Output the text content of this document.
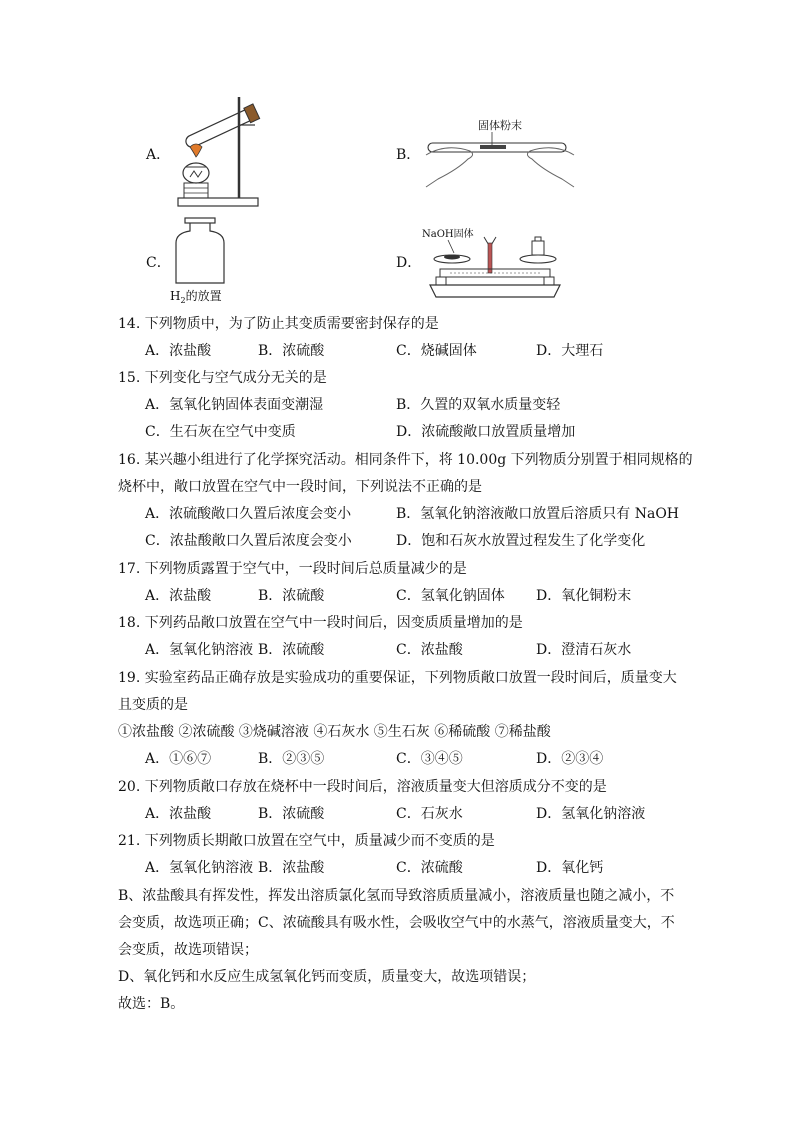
A．	B．
固体粉末
C．
$H_2$的放置
D．
NaOH固体
14. 下列物质中，为了防止其变质需要密封保存的是
A．浓盐酸	B．浓硫酸	C．烧碱固体	D．大理石
15. 下列变化与空气成分无关的是
A．氢氧化钠固体表面变潮湿	B．久置的双氧水质量变轻
C．生石灰在空气中变质	D．浓硫酸敞口放置质量增加
16. 某兴趣小组进行了化学探究活动。相同条件下，将 10.00g 下列物质分别置于相同规格的
烧杯中，敞口放置在空气中一段时间，下列说法不正确的是
A．浓硫酸敞口久置后浓度会变小	B．氢氧化钠溶液敞口放置后溶质只有 NaOH
C．浓盐酸敞口久置后浓度会变小	D．饱和石灰水放置过程发生了化学变化
17. 下列物质露置于空气中，一段时间后总质量减少的是
A．浓盐酸	B．浓硫酸	C．氢氧化钠固体 D．氧化铜粉末
18. 下列药品敞口放置在空气中一段时间后，因变质质量增加的是
A．氢氧化钠溶液 B．浓硫酸	C．浓盐酸	D．澄清石灰水
19. 实验室药品正确存放是实验成功的重要保证，下列物质敞口放置一段时间后，质量变大
且变质的是
①浓盐酸 ②浓硫酸 ③烧碱溶液 ④石灰水 ⑤生石灰 ⑥稀硫酸 ⑦稀盐酸
A．①⑥⑦	B．②③⑤	C．③④⑤	D．②③④
20. 下列物质敞口存放在烧杯中一段时间后，溶液质量变大但溶质成分不变的是
A．浓盐酸	B．浓硫酸	C．石灰水	D．氢氧化钠溶液
21. 下列物质长期敞口放置在空气中，质量减少而不变质的是
A．氢氧化钠溶液 B．浓盐酸	C．浓硫酸	D．氧化钙
B、浓盐酸具有挥发性，挥发出溶质氯化氢而导致溶质质量减小，溶液质量也随之减小，不
会变质，故选项正确；C、浓硫酸具有吸水性，会吸收空气中的水蒸气，溶液质量变大，不
会变质，故选项错误；
D、氧化钙和水反应生成氢氧化钙而变质，质量变大，故选项错误；
故选：B。
